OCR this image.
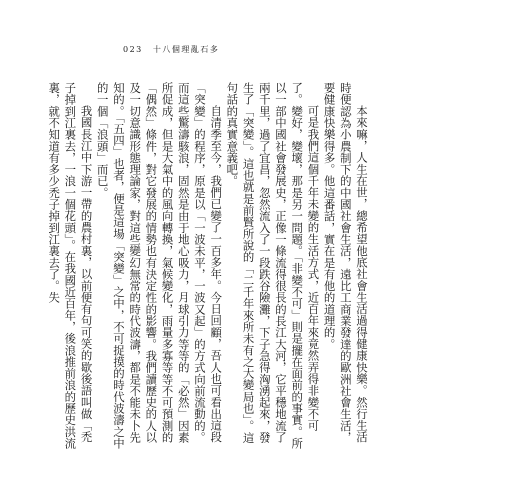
023 十八個理亂石多
本來嘛，人生在世，總希望他底社會生活過得健康快樂。然行生活時便認為小農制下的中國社會生活，遠比工商業發達的歐洲社會生活，要健康快樂得多。他這番話，實在是有他的道理的。
可是我們這個千年未變的生活方式，近百年來竟然弄得非變不可了。變好，變壞，那是另一問題。「非變不可」則是擺在面前的事實。所以一部中國社會發展史，正像一條流得很長的長江大河，它平穩地流了兩千里，過了宜昌，忽然流入了一段跌谷險灘，下子急得洶湧起來，發生了「突變」。這也就是前賢所說的「二千年來所未有之大變局也」。這句話的真實意義吧。
自清季至今，我們已變了一百多年。今日回顧，吾人也可看出這段「突變」的程序，原是以「一波未平，一波又起」的方式向前流動的。而這些驚濤駭浪，固然是由于地心吸力，月球引力等等的「必然」因素所促成，但是大氣中的風向轉換，氣候變化，雨量多寡等等不可預測的「偶然」條件，對它發展的情勢也有決定性的影響。我們讀歷史的人以及一切意識形態理論家，對這些變幻無常的時代波濤，都是不能未卜先知的。「五四」也者，便是這場「突變」之中，不可捉摸的時代波濤之中的一個「浪頭」而已。
我國長江中下游一帶的農村裏，以前便有句可笑的歇後語叫做「禿子掉到江裏去，一浪一個花頭」。在我國近百年，後浪推前浪的歷史洪流裏，就不知道有多少禿子掉到江裏去了。失
